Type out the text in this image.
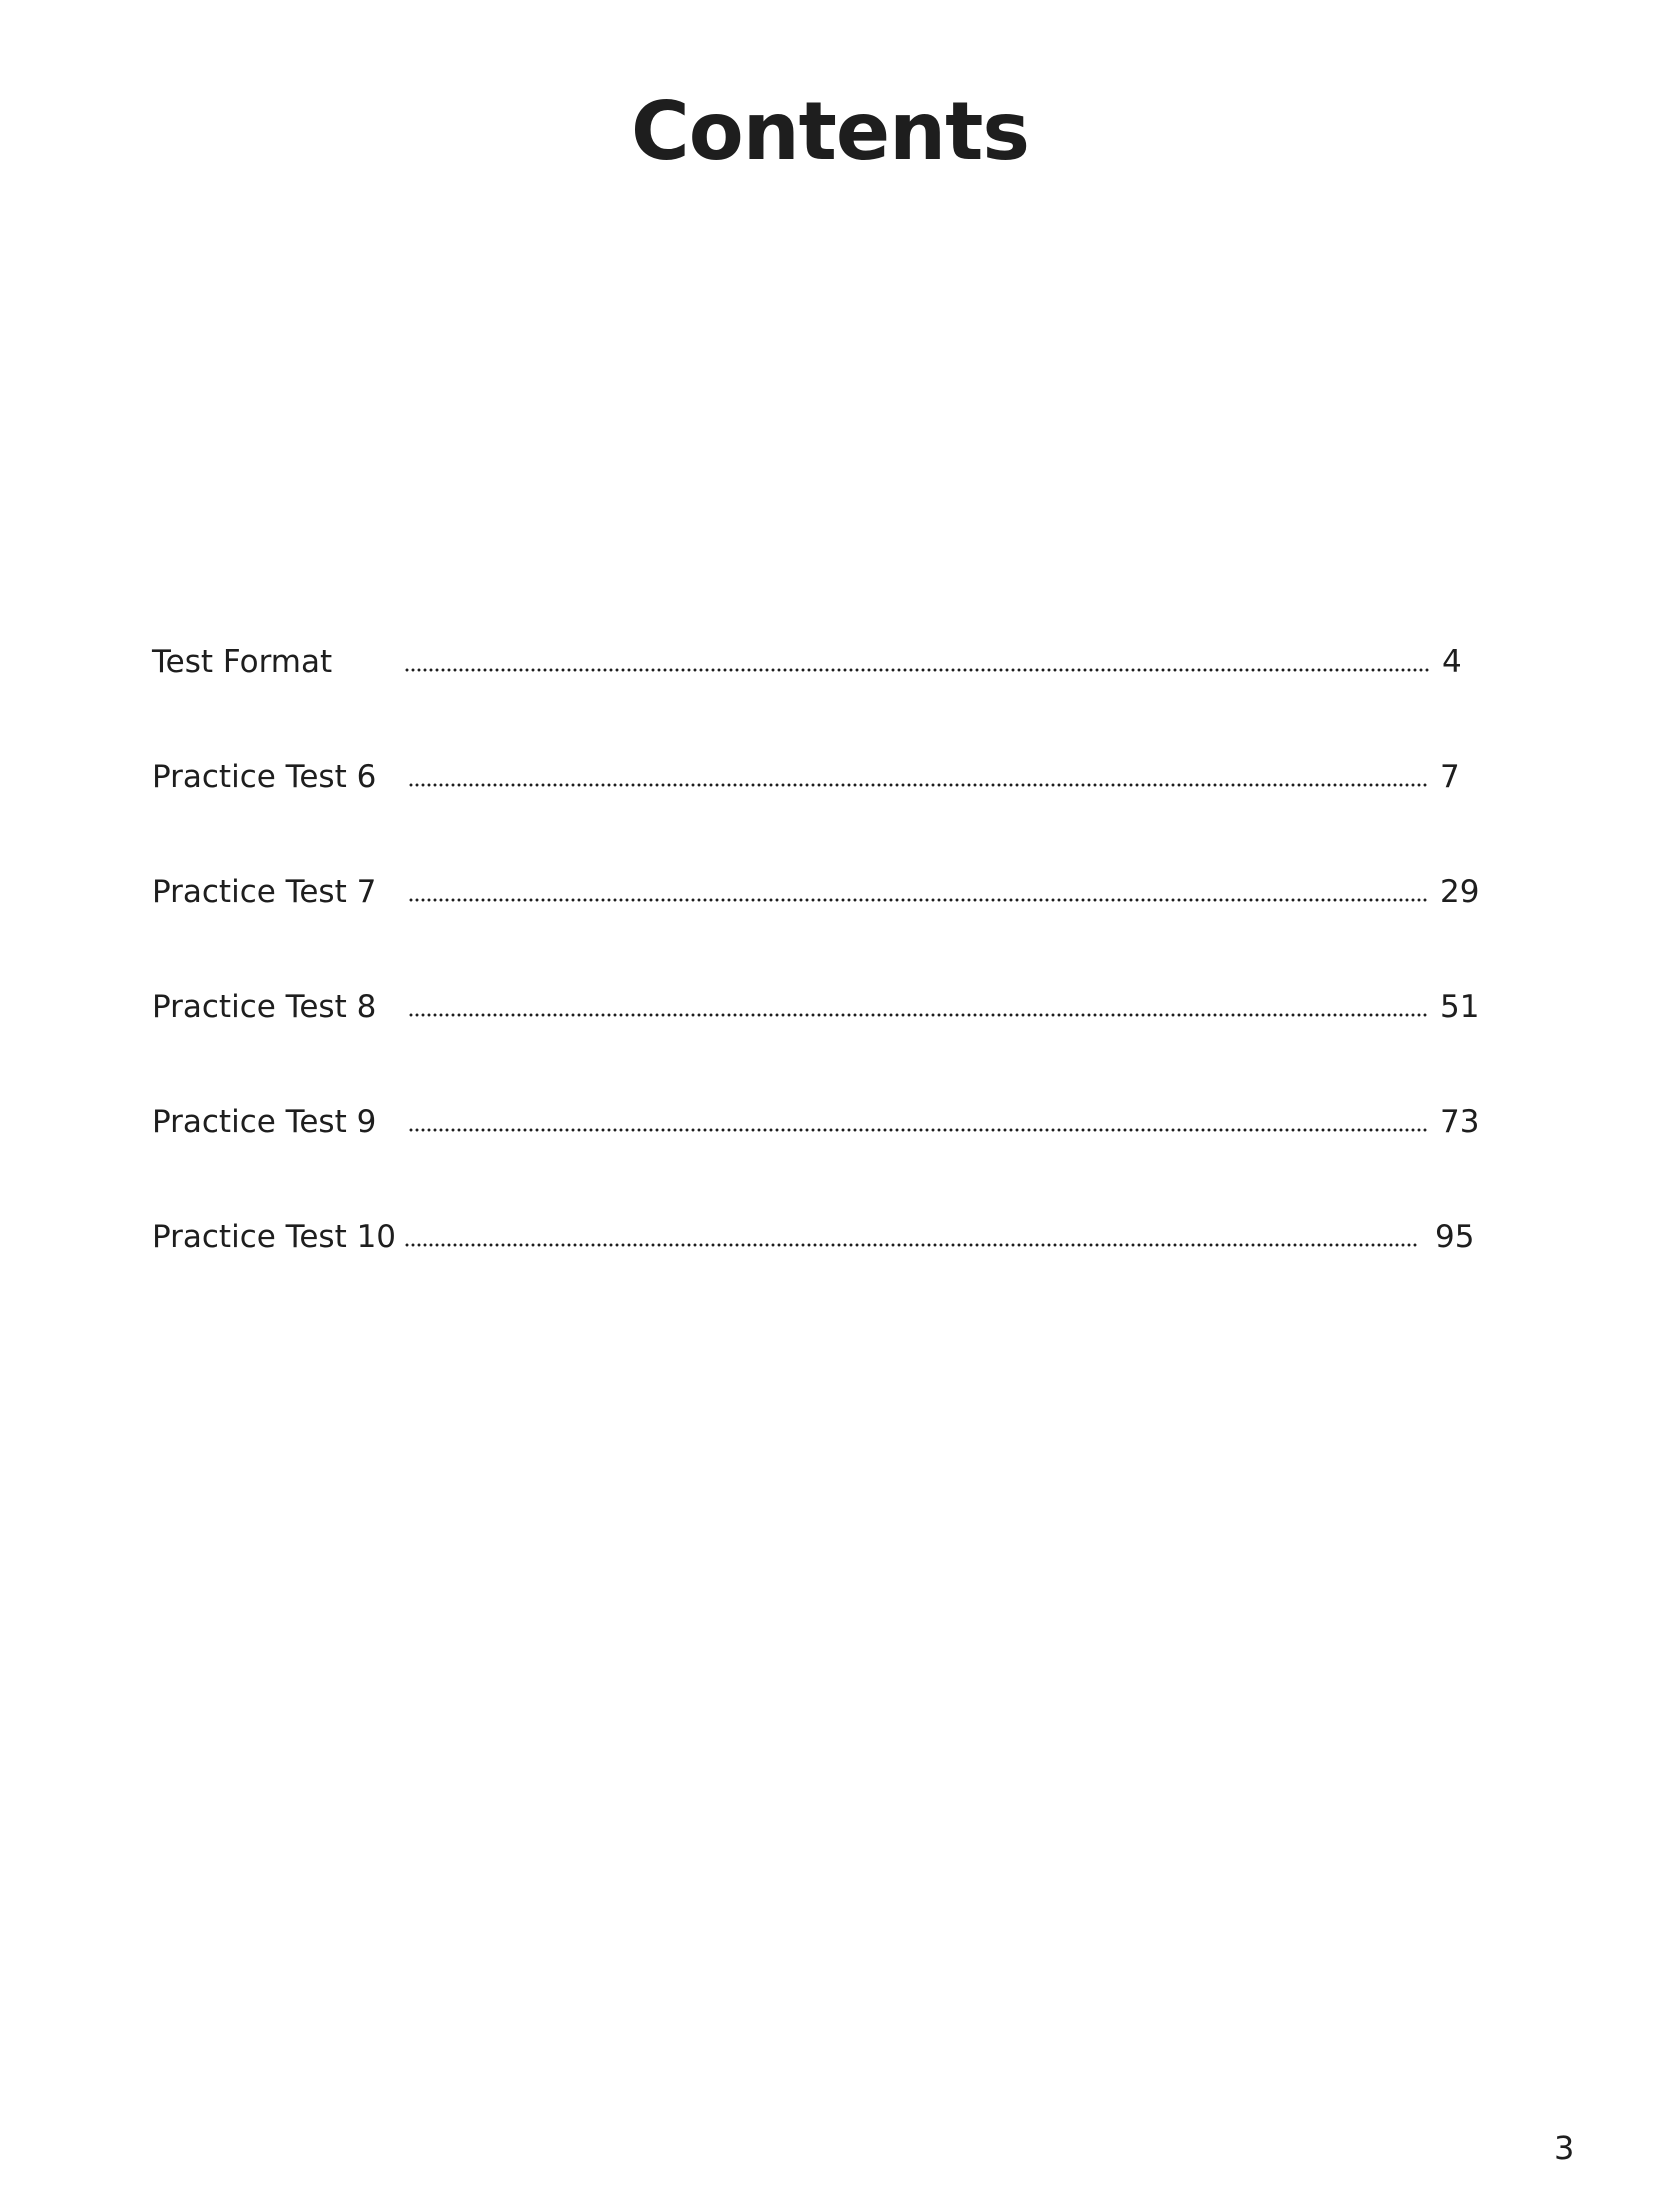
Contents
Test Format	4
Practice Test 6	7
Practice Test 7	29
Practice Test 8	51
Practice Test 9	73
Practice Test 10	95
3
